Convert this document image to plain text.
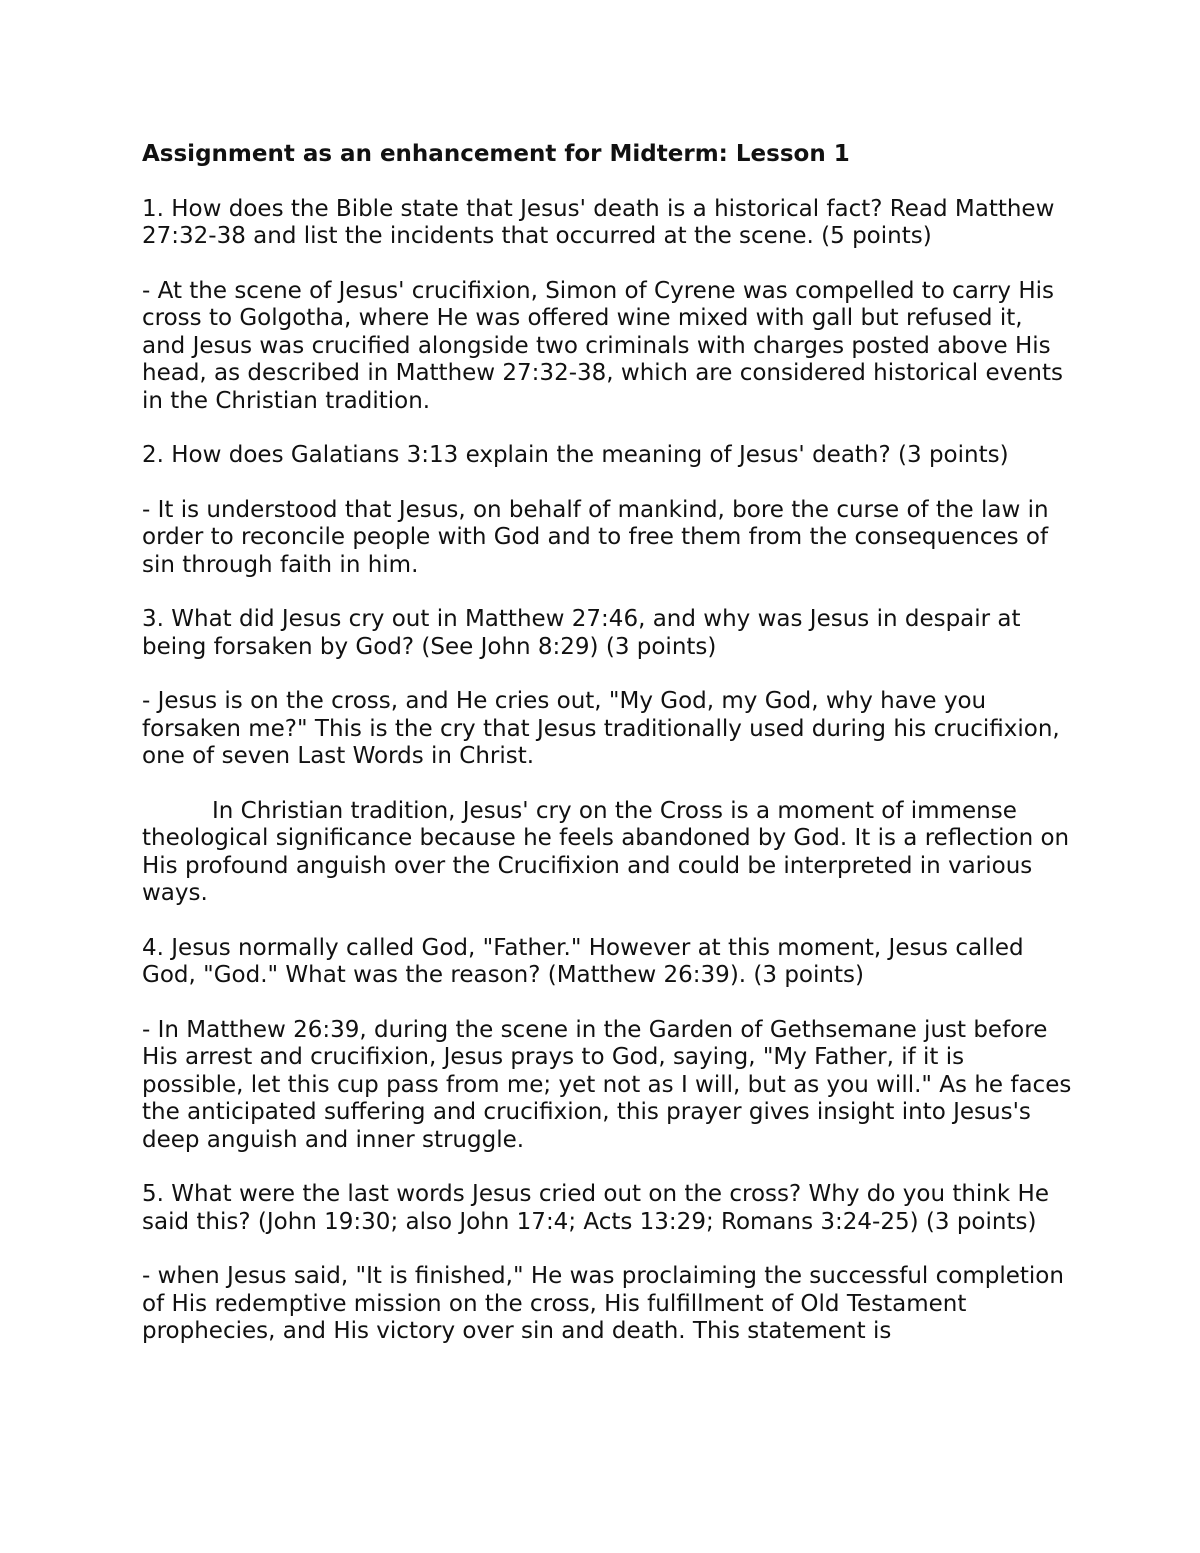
Assignment as an enhancement for Midterm: Lesson 1

1. How does the Bible state that Jesus' death is a historical fact? Read Matthew 27:32-38 and list the incidents that occurred at the scene. (5 points)

- At the scene of Jesus' crucifixion, Simon of Cyrene was compelled to carry His cross to Golgotha, where He was offered wine mixed with gall but refused it, and Jesus was crucified alongside two criminals with charges posted above His head, as described in Matthew 27:32-38, which are considered historical events in the Christian tradition.

2. How does Galatians 3:13 explain the meaning of Jesus' death? (3 points)

- It is understood that Jesus, on behalf of mankind, bore the curse of the law in order to reconcile people with God and to free them from the consequences of sin through faith in him.

3. What did Jesus cry out in Matthew 27:46, and why was Jesus in despair at being forsaken by God? (See John 8:29) (3 points)

- Jesus is on the cross, and He cries out, "My God, my God, why have you forsaken me?" This is the cry that Jesus traditionally used during his crucifixion, one of seven Last Words in Christ.

In Christian tradition, Jesus' cry on the Cross is a moment of immense theological significance because he feels abandoned by God. It is a reflection on His profound anguish over the Crucifixion and could be interpreted in various ways.

4. Jesus normally called God, "Father." However at this moment, Jesus called God, "God." What was the reason? (Matthew 26:39). (3 points)

- In Matthew 26:39, during the scene in the Garden of Gethsemane just before His arrest and crucifixion, Jesus prays to God, saying, "My Father, if it is possible, let this cup pass from me; yet not as I will, but as you will." As he faces the anticipated suffering and crucifixion, this prayer gives insight into Jesus's deep anguish and inner struggle.

5. What were the last words Jesus cried out on the cross? Why do you think He said this? (John 19:30; also John 17:4; Acts 13:29; Romans 3:24-25) (3 points)

- when Jesus said, "It is finished," He was proclaiming the successful completion of His redemptive mission on the cross, His fulfillment of Old Testament prophecies, and His victory over sin and death. This statement is
